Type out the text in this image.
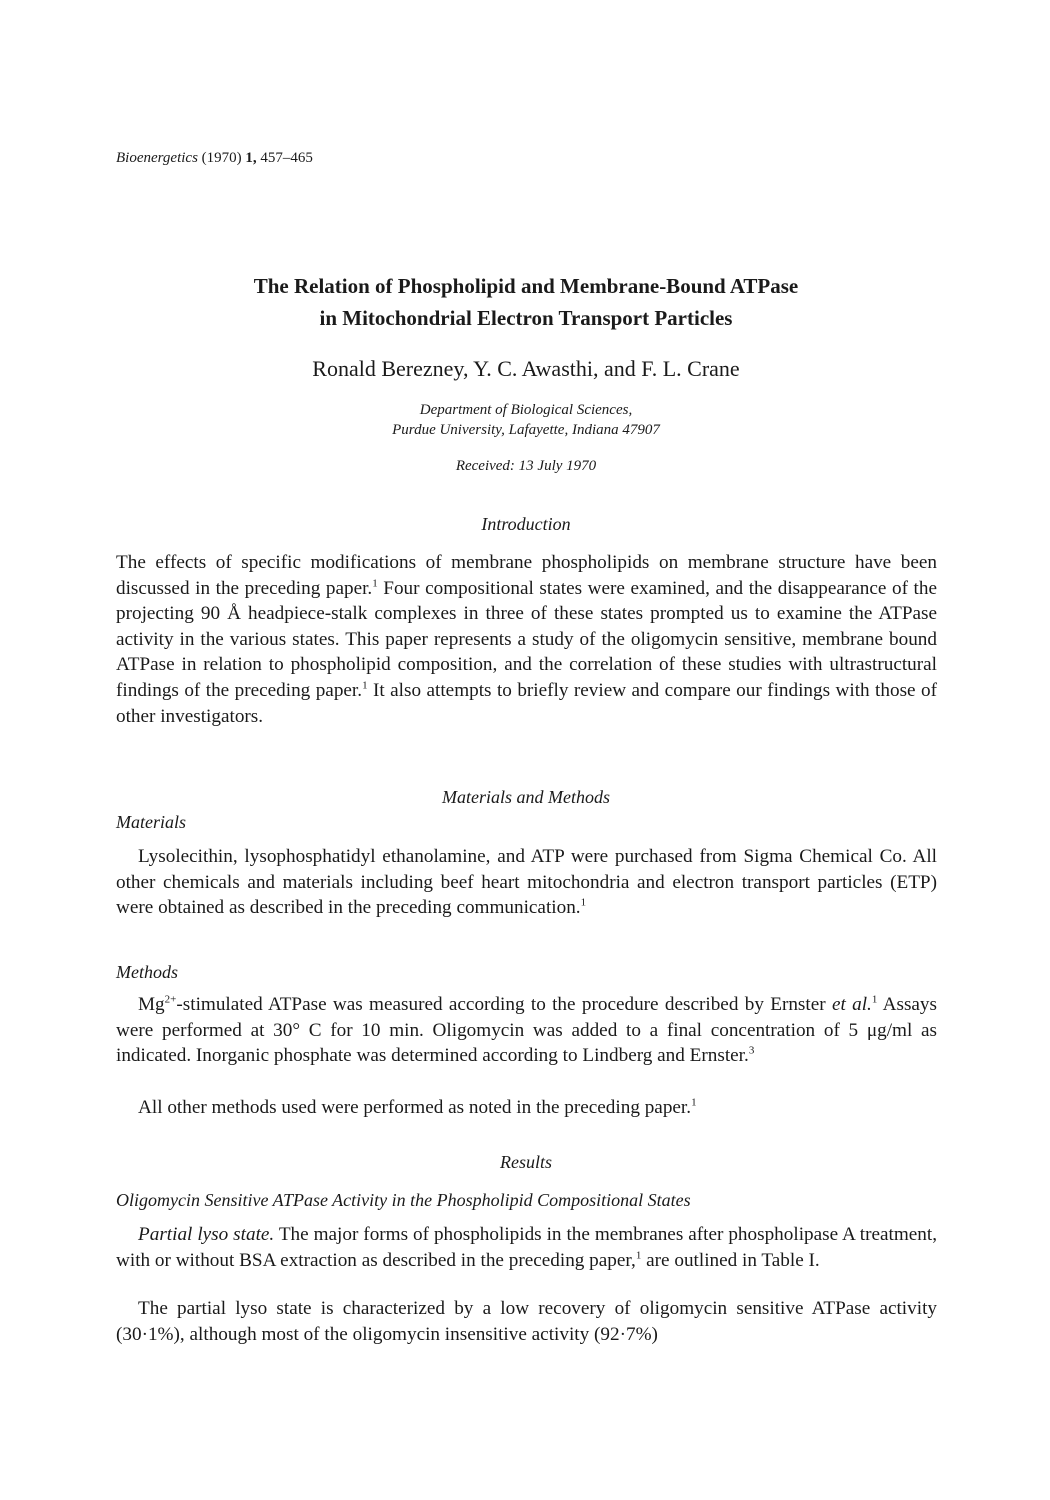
Bioenergetics (1970) 1, 457–465
The Relation of Phospholipid and Membrane-Bound ATPase
in Mitochondrial Electron Transport Particles
Ronald Berezney, Y. C. Awasthi, and F. L. Crane
Department of Biological Sciences,
Purdue University, Lafayette, Indiana 47907
Received: 13 July 1970
Introduction

The effects of specific modifications of membrane phospholipids on membrane structure have been discussed in the preceding paper.$^1$ Four compositional states were examined, and the disappearance of the projecting 90 Å headpiece-stalk complexes in three of these states prompted us to examine the ATPase activity in the various states. This paper represents a study of the oligomycin sensitive, membrane bound ATPase in relation to phospholipid composition, and the correlation of these studies with ultrastructural findings of the preceding paper.$^1$ It also attempts to briefly review and compare our findings with those of other investigators.

Materials and Methods
Materials

Lysolecithin, lysophosphatidyl ethanolamine, and ATP were purchased from Sigma Chemical Co. All other chemicals and materials including beef heart mitochondria and electron transport particles (ETP) were obtained as described in the preceding communication.$^1$

Methods

$Mg^{2+}$-stimulated ATPase was measured according to the procedure described by Ernster et al.$^1$ Assays were performed at 30° C for 10 min. Oligomycin was added to a final concentration of 5 μg/ml as indicated. Inorganic phosphate was determined according to Lindberg and Ernster.$^3$

All other methods used were performed as noted in the preceding paper.$^1$

Results
Oligomycin Sensitive ATPase Activity in the Phospholipid Compositional States

Partial lyso state. The major forms of phospholipids in the membranes after phospholipase A treatment, with or without BSA extraction as described in the preceding paper,$^1$ are outlined in Table I.

The partial lyso state is characterized by a low recovery of oligomycin sensitive ATPase activity (30·1%), although most of the oligomycin insensitive activity (92·7%)
